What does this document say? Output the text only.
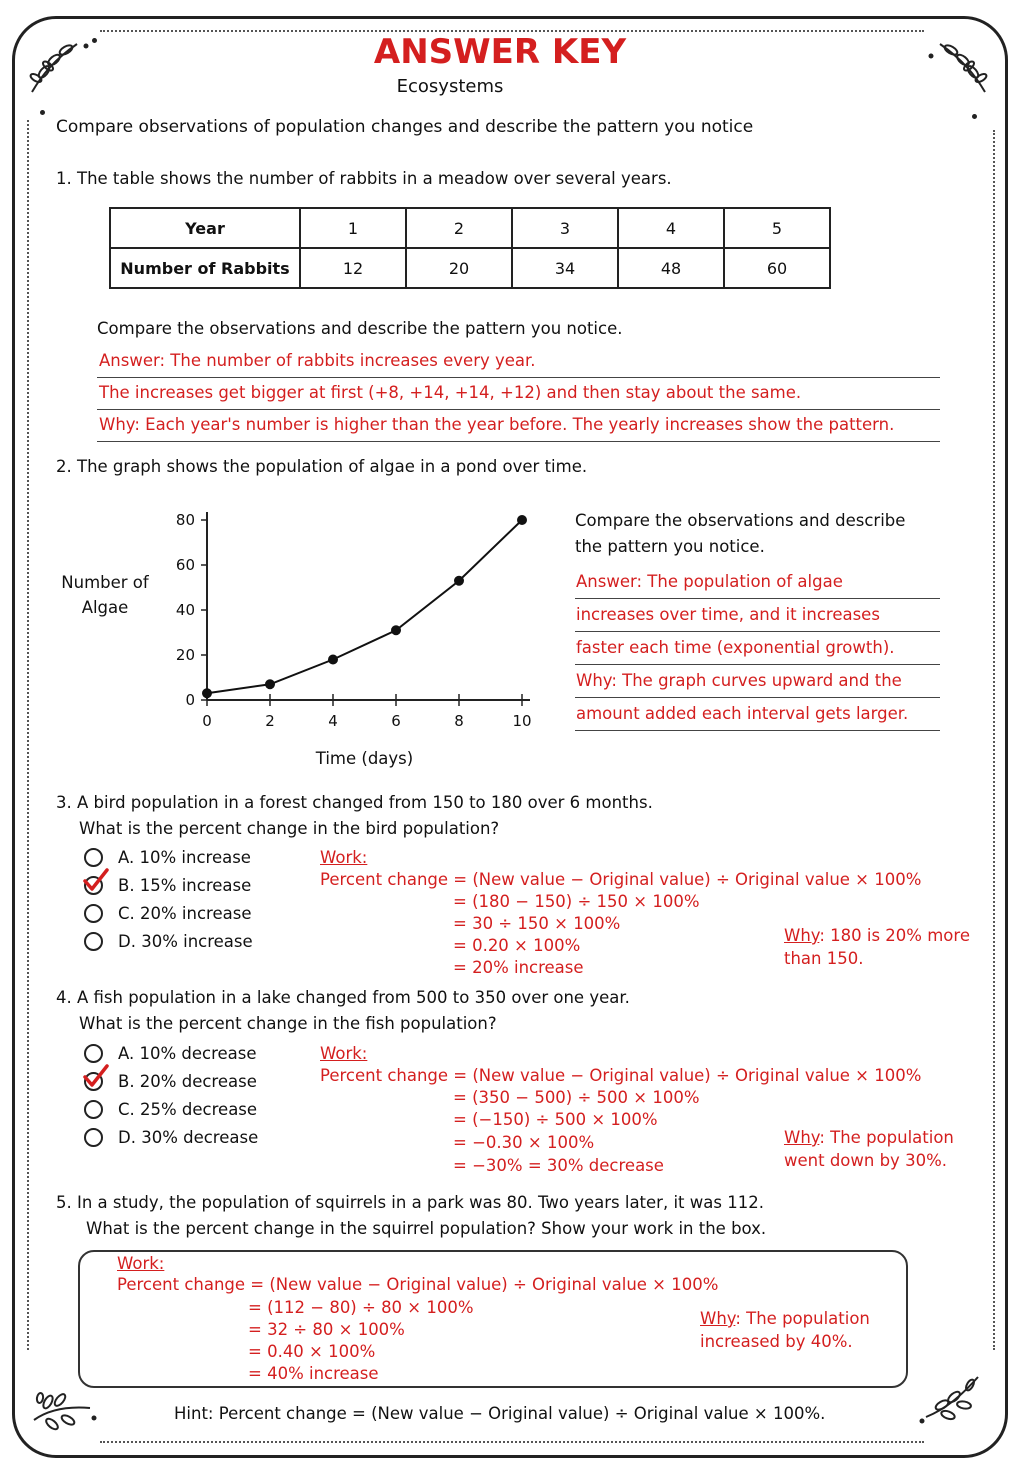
ANSWER KEY
Ecosystems
Compare observations of population changes and describe the pattern you notice
1. The table shows the number of rabbits in a meadow over several years.
Year	1	2	3	4	5
Number of Rabbits	12	20	34	48	60
Compare the observations and describe the pattern you notice.
Answer: The number of rabbits increases every year.
The increases get bigger at first (+8, +14, +14, +12) and then stay about the same.
Why: Each year's number is higher than the year before. The yearly increases show the pattern.
2. The graph shows the population of algae in a pond over time.
0
20
40
60
80
0	2	4	6	8	10
Number of
Algae
Time (days)
Compare the observations and describe
the pattern you notice.
Answer: The population of algae
increases over time, and it increases
faster each time (exponential growth).
Why: The graph curves upward and the
amount added each interval gets larger.
3. A bird population in a forest changed from 150 to 180 over 6 months.
What is the percent change in the bird population?
A. 10% increase
B. 15% increase
C. 20% increase
D. 30% increase
Work:
Percent change = (New value − Original value) ÷ Original value × 100%
= (180 − 150) ÷ 150 × 100%
= 30 ÷ 150 × 100%
= 0.20 × 100%
= 20% increase
Why: 180 is 20% more
than 150.
4. A fish population in a lake changed from 500 to 350 over one year.
What is the percent change in the fish population?
A. 10% decrease
B. 20% decrease
C. 25% decrease
D. 30% decrease
Work:
Percent change = (New value − Original value) ÷ Original value × 100%
= (350 − 500) ÷ 500 × 100%
= (−150) ÷ 500 × 100%
= −0.30 × 100%
= −30% = 30% decrease
Why: The population
went down by 30%.
5. In a study, the population of squirrels in a park was 80. Two years later, it was 112.
What is the percent change in the squirrel population? Show your work in the box.
Work:
Percent change = (New value − Original value) ÷ Original value × 100%
= (112 − 80) ÷ 80 × 100%
= 32 ÷ 80 × 100%
= 0.40 × 100%
= 40% increase
Why: The population
increased by 40%.
Hint: Percent change = (New value − Original value) ÷ Original value × 100%.
